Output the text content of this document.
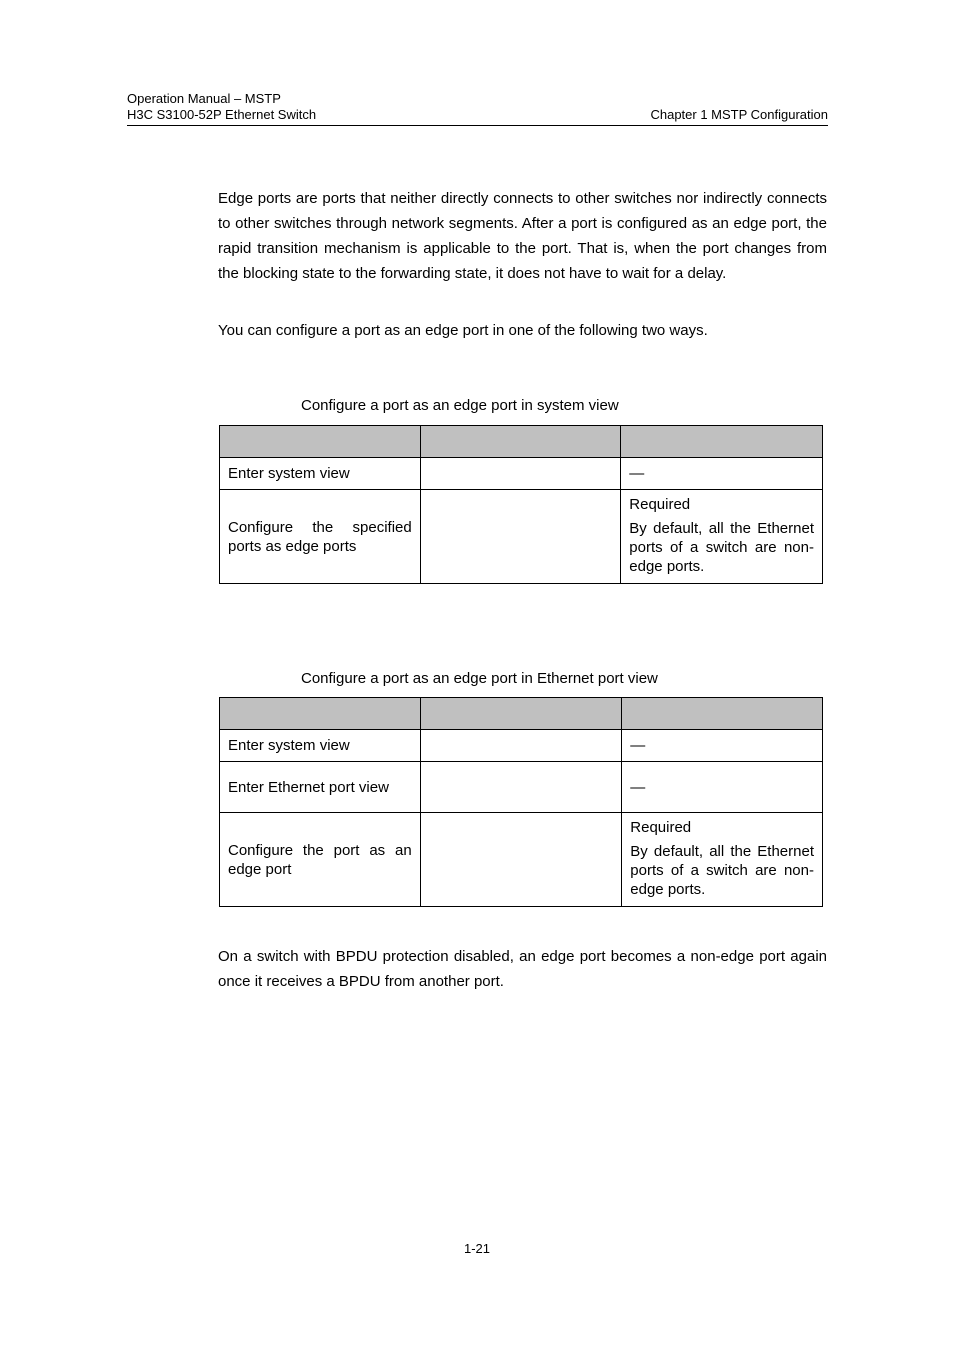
Operation Manual – MSTP
H3C S3100-52P Ethernet Switch	Chapter 1 MSTP Configuration

Edge ports are ports that neither directly connects to other switches nor indirectly connects to other switches through network segments. After a port is configured as an edge port, the rapid transition mechanism is applicable to the port. That is, when the port changes from the blocking state to the forwarding state, it does not have to wait for a delay.

You can configure a port as an edge port in one of the following two ways.

Configure a port as an edge port in system view

Enter system view		—
Configure the specified ports as edge ports		Required
By default, all the Ethernet ports of a switch are non-edge ports.
Configure a port as an edge port in Ethernet port view

Enter system view		—
Enter Ethernet port view		—
Configure the port as an edge port		Required
By default, all the Ethernet ports of a switch are non-edge ports.

On a switch with BPDU protection disabled, an edge port becomes a non-edge port again once it receives a BPDU from another port.

1-21
